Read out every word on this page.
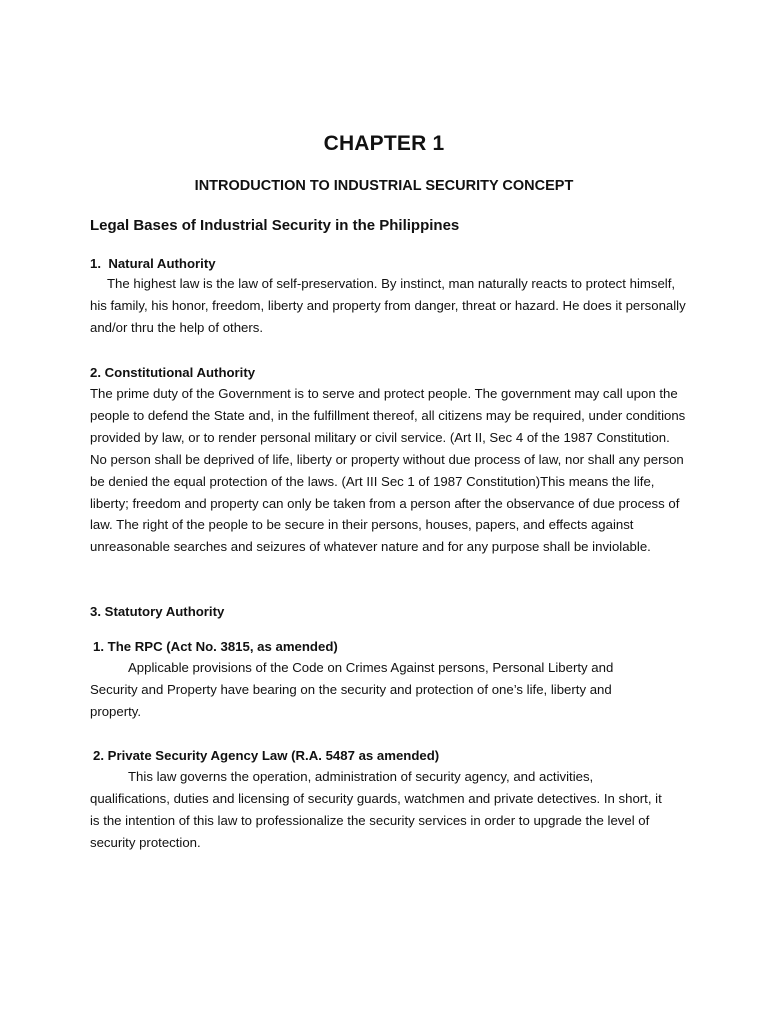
CHAPTER 1
INTRODUCTION TO INDUSTRIAL SECURITY CONCEPT
Legal Bases of Industrial Security in the Philippines
1.  Natural Authority

The highest law is the law of self-preservation. By instinct, man naturally reacts to protect himself, his family, his honor, freedom, liberty and property from danger, threat or hazard. He does it personally and/or thru the help of others.

2. Constitutional Authority

The prime duty of the Government is to serve and protect people. The government may call upon the people to defend the State and, in the fulfillment thereof, all citizens may be required, under conditions provided by law, or to render personal military or civil service. (Art II, Sec 4 of the 1987 Constitution. No person shall be deprived of life, liberty or property without due process of law, nor shall any person be denied the equal protection of the laws. (Art III Sec 1 of 1987 Constitution)This means the life, liberty; freedom and property can only be taken from a person after the observance of due process of law. The right of the people to be secure in their persons, houses, papers, and effects against unreasonable searches and seizures of whatever nature and for any purpose shall be inviolable.

3. Statutory Authority
1. The RPC (Act No. 3815, as amended)

Applicable provisions of the Code on Crimes Against persons, Personal Liberty and Security and Property have bearing on the security and protection of one’s life, liberty and property.

2. Private Security Agency Law (R.A. 5487 as amended)

This law governs the operation, administration of security agency, and activities, qualifications, duties and licensing of security guards, watchmen and private detectives. In short, it is the intention of this law to professionalize the security services in order to upgrade the level of security protection.
